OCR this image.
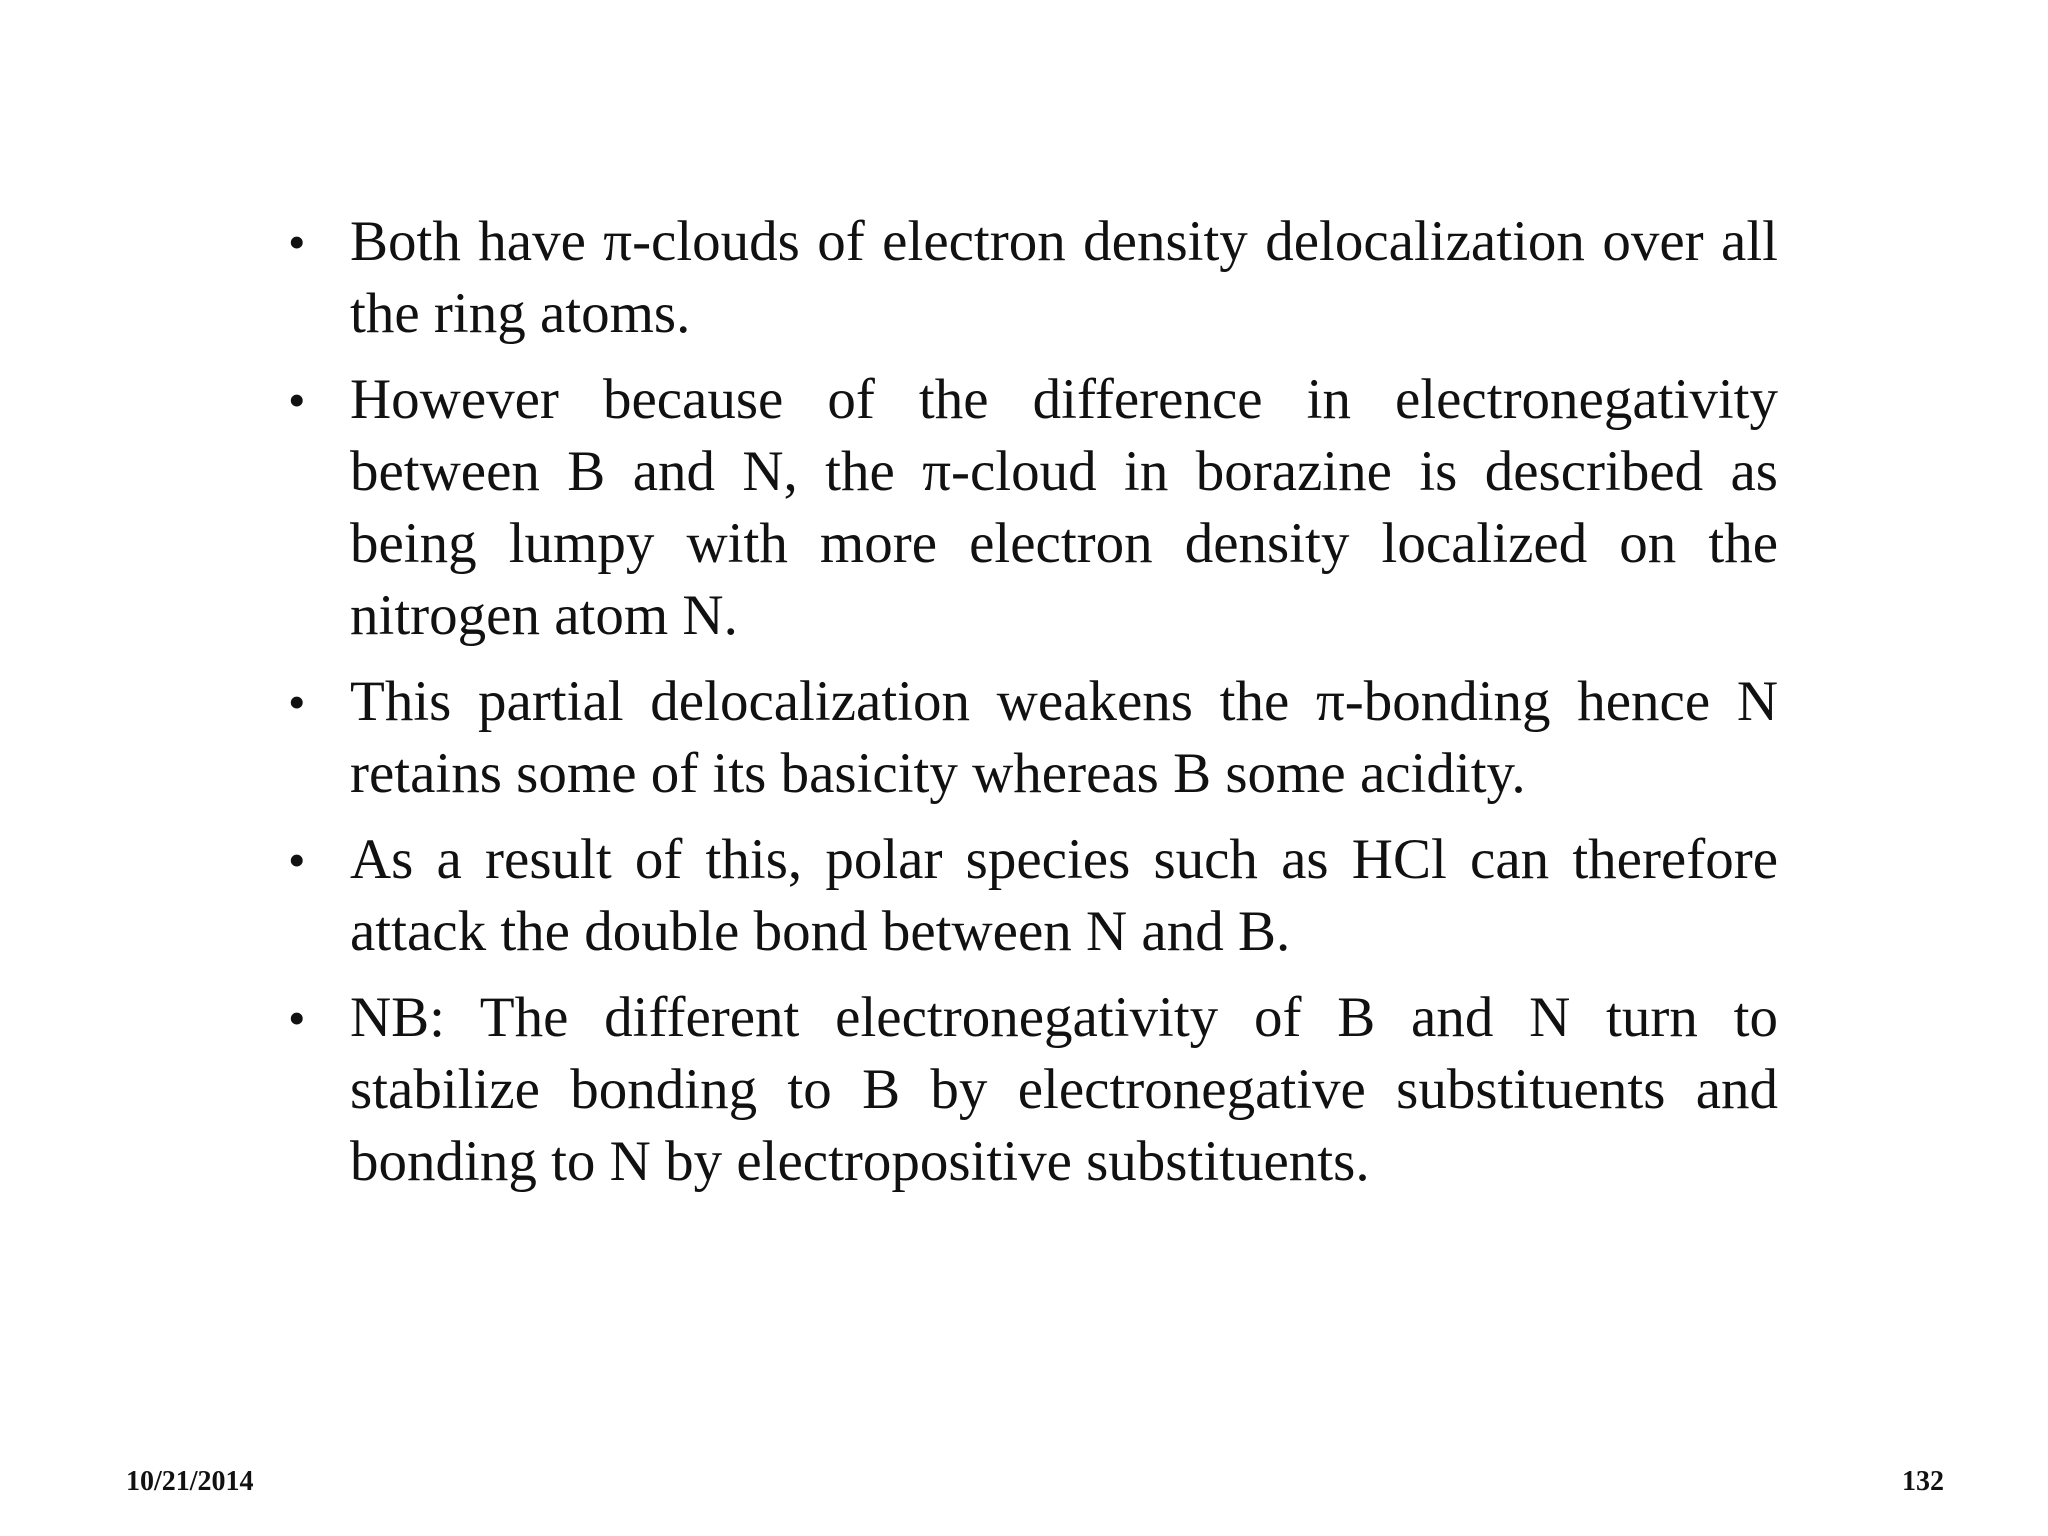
• Both have π-clouds of electron density delocalization over all the ring atoms.
• However because of the difference in electronegativity between B and N, the π-cloud in borazine is described as being lumpy with more electron density localized on the nitrogen atom N.
• This partial delocalization weakens the π-bonding hence N retains some of its basicity whereas B some acidity.
• As a result of this, polar species such as HCl can therefore attack the double bond between N and B.
• NB: The different electronegativity of B and N turn to stabilize bonding to B by electronegative substituents and bonding to N by electropositive substituents.
10/21/2014	132
